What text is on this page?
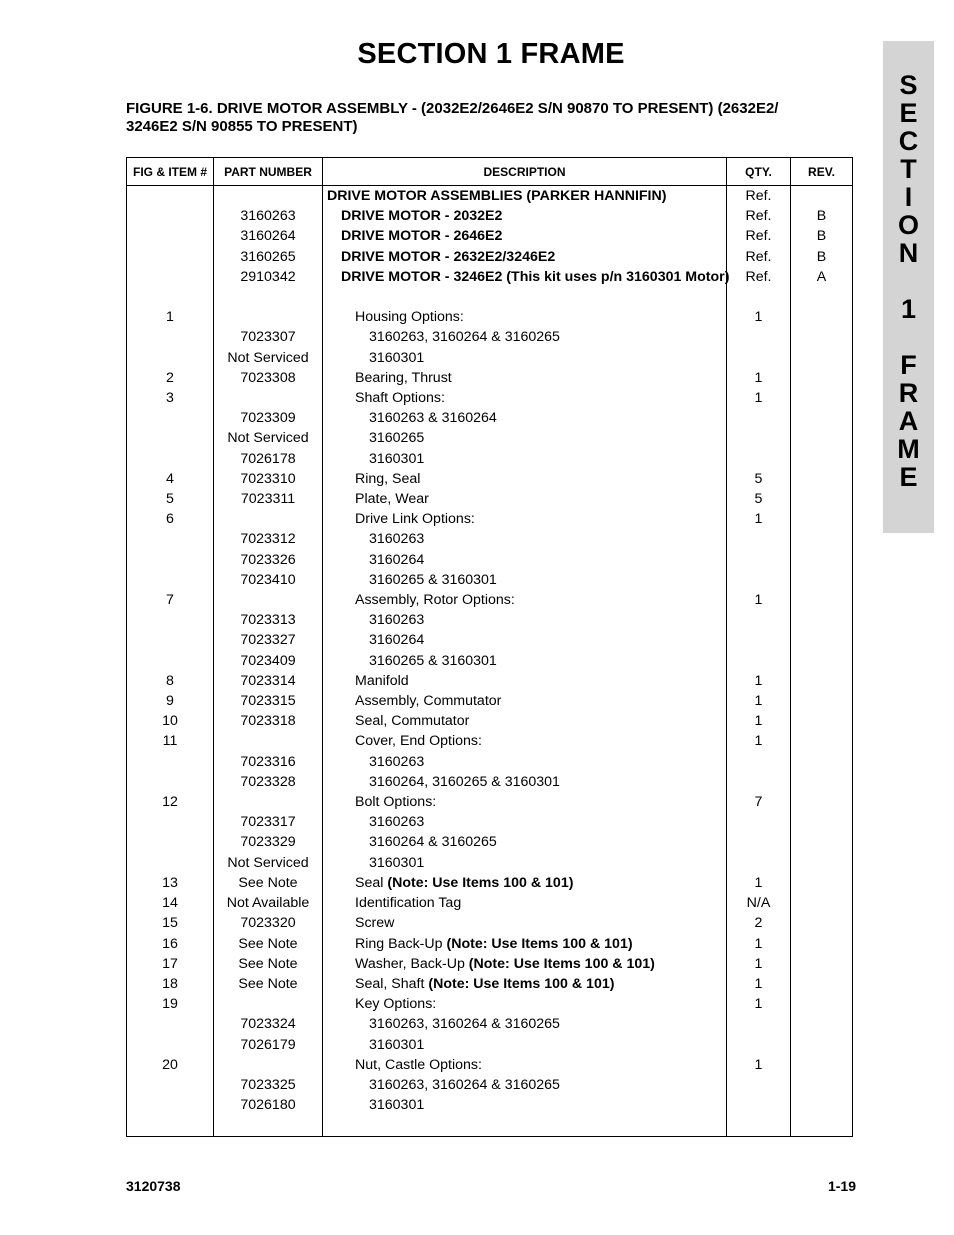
SECTION 1 FRAME
FIGURE 1-6. DRIVE MOTOR ASSEMBLY - (2032E2/2646E2 S/N 90870 TO PRESENT) (2632E2/ 3246E2 S/N 90855 TO PRESENT)
S
E
C
T
I
O
N
1
F
R
A
M
E
FIG & ITEM #	PART NUMBER	DESCRIPTION	QTY.	REV.

		DRIVE MOTOR ASSEMBLIES (PARKER HANNIFIN)	Ref.	
	3160263	DRIVE MOTOR - 2032E2	Ref.	B
	3160264	DRIVE MOTOR - 2646E2	Ref.	B
	3160265	DRIVE MOTOR - 2632E2/3246E2	Ref.	B
	2910342	DRIVE MOTOR - 3246E2 (This kit uses p/n 3160301 Motor)	Ref.	A

1		Housing Options:	1	
	7023307	3160263, 3160264 & 3160265		

	Not Serviced	3160301		

2	7023308	Bearing, Thrust	1	
3		Shaft Options:	1	
	7023309	3160263 & 3160264		

	Not Serviced	3160265		

	7026178	3160301		

4	7023310	Ring, Seal	5	
5	7023311	Plate, Wear	5	
6		Drive Link Options:	1	
	7023312	3160263		

	7023326	3160264		

	7023410	3160265 & 3160301		

7		Assembly, Rotor Options:	1	
	7023313	3160263		

	7023327	3160264		

	7023409	3160265 & 3160301		

8	7023314	Manifold	1	
9	7023315	Assembly, Commutator	1	
10	7023318	Seal, Commutator	1	
11		Cover, End Options:	1	
	7023316	3160263		

	7023328	3160264, 3160265 & 3160301		

12		Bolt Options:	7	
	7023317	3160263		

	7023329	3160264 & 3160265		

	Not Serviced	3160301		

13	See Note	Seal (Note: Use Items 100 & 101)	1	
14	Not Available	Identification Tag	N/A	
15	7023320	Screw	2	
16	See Note	Ring Back-Up (Note: Use Items 100 & 101)	1	
17	See Note	Washer, Back-Up (Note: Use Items 100 & 101)	1	
18	See Note	Seal, Shaft (Note: Use Items 100 & 101)	1	
19		Key Options:	1	
	7023324	3160263, 3160264 & 3160265		

	7026179	3160301		

20		Nut, Castle Options:	1	
	7023325	3160263, 3160264 & 3160265		

	7026180	3160301		

3120738	1-19
